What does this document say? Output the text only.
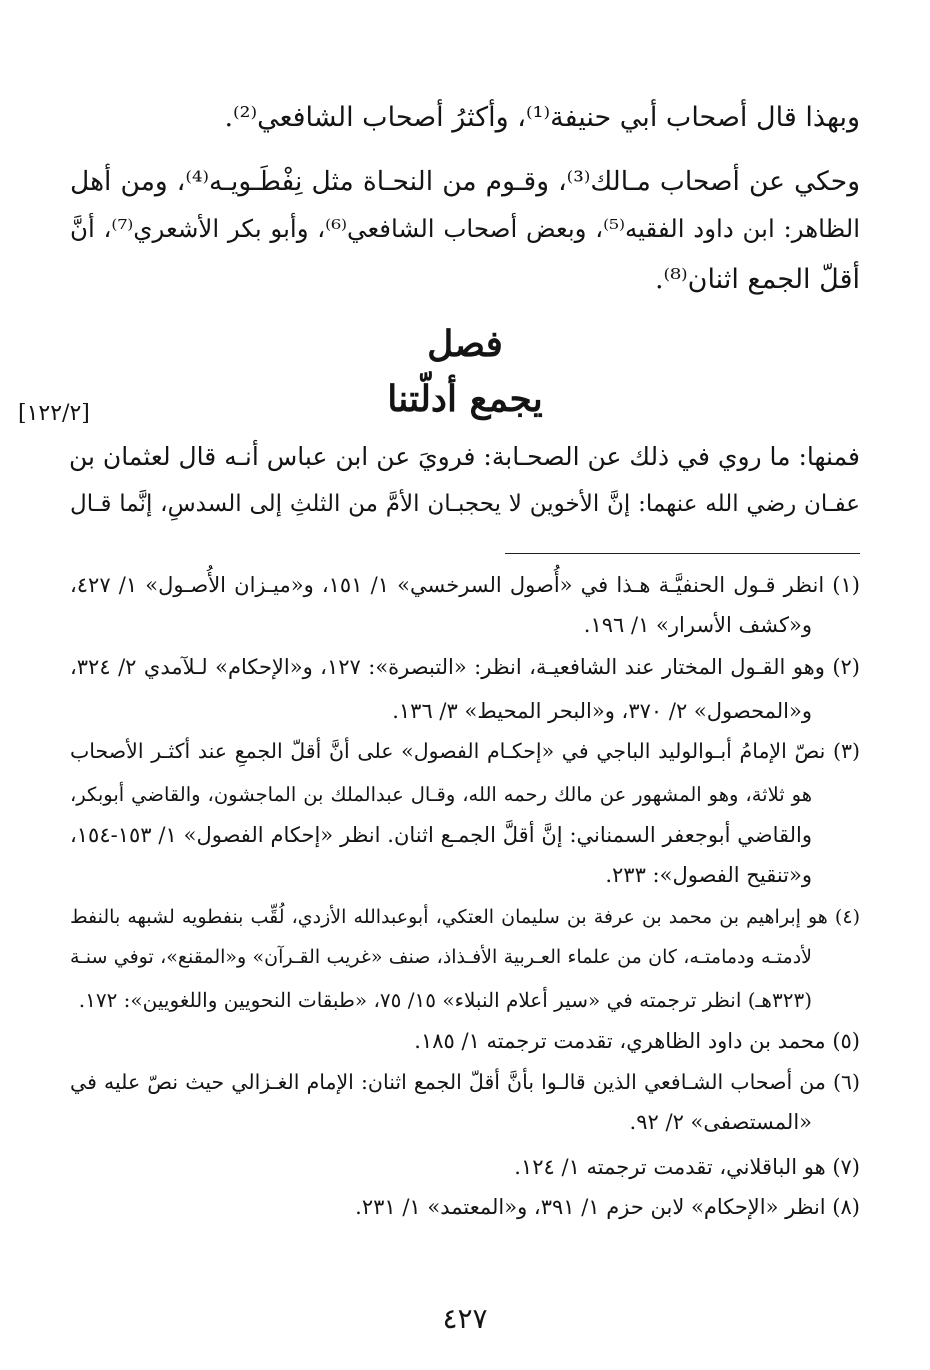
وبهذا قال أصحاب أبي حنيفة⁽¹⁾، وأكثرُ أصحاب الشافعي⁽²⁾.
وحكي عن أصحاب مـالك⁽³⁾، وقـوم من النحـاة مثل نِفْطَـويـه⁽⁴⁾، ومن أهل
الظاهر: ابن داود الفقيه⁽⁵⁾، وبعض أصحاب الشافعي⁽⁶⁾، وأبو بكر الأشعري⁽⁷⁾، أنَّ
أقلّ الجمع اثنان⁽⁸⁾.
فصل
يجمع أدلّتنا
[١٢٢/٢]
فمنها: ما روي في ذلك عن الصحـابة: فرويَ عن ابن عباس أنـه قال لعثمان بن
عفـان رضي الله عنهما: إنَّ الأخوين لا يحجبـان الأمَّ من الثلثِ إلى السدسِ، إنَّما قـال
(١) انظر قـول الحنفيَّـة هـذا في «أُصول السرخسي» ١/ ١٥١، و«ميـزان الأُصـول» ١/ ٤٢٧،
و«كشف الأسرار» ١/ ١٩٦.
(٢) وهو القـول المختار عند الشافعيـة، انظر: «التبصرة»: ١٢٧، و«الإحكام» لـلآمدي ٢/ ٣٢٤،
و«المحصول» ٢/ ٣٧٠، و«البحر المحيط» ٣/ ١٣٦.
(٣) نصّ الإمامُ أبـوالوليد الباجي في «إحكـام الفصول» على أنَّ أقلّ الجمعِ عند أكثـر الأصحاب
هو ثلاثة، وهو المشهور عن مالك رحمه الله، وقـال عبدالملك بن الماجشون، والقاضي أبوبكر،
والقاضي أبوجعفر السمناني: إنَّ أقلَّ الجمـع اثنان. انظر «إحكام الفصول» ١/ ١٥٣-١٥٤،
و«تنقيح الفصول»: ٢٣٣.
(٤) هو إبراهيم بن محمد بن عرفة بن سليمان العتكي، أبوعبدالله الأزدي، لُقِّب بنفطويه لشبهه بالنفط
لأدمتـه ودمامتـه، كان من علماء العـربية الأفـذاذ، صنف «غريب القـرآن» و«المقنع»، توفي سنـة
(٣٢٣هـ) انظر ترجمته في «سير أعلام النبلاء» ١٥/ ٧٥، «طبقات النحويين واللغويين»: ١٧٢.
(٥) محمد بن داود الظاهري، تقدمت ترجمته ١/ ١٨٥.
(٦) من أصحاب الشـافعي الذين قالـوا بأنَّ أقلّ الجمع اثنان: الإمام الغـزالي حيث نصّ عليه في
«المستصفى» ٢/ ٩٢.
(٧) هو الباقلاني، تقدمت ترجمته ١/ ١٢٤.
(٨) انظر «الإحكام» لابن حزم ١/ ٣٩١، و«المعتمد» ١/ ٢٣١.
٤٢٧
